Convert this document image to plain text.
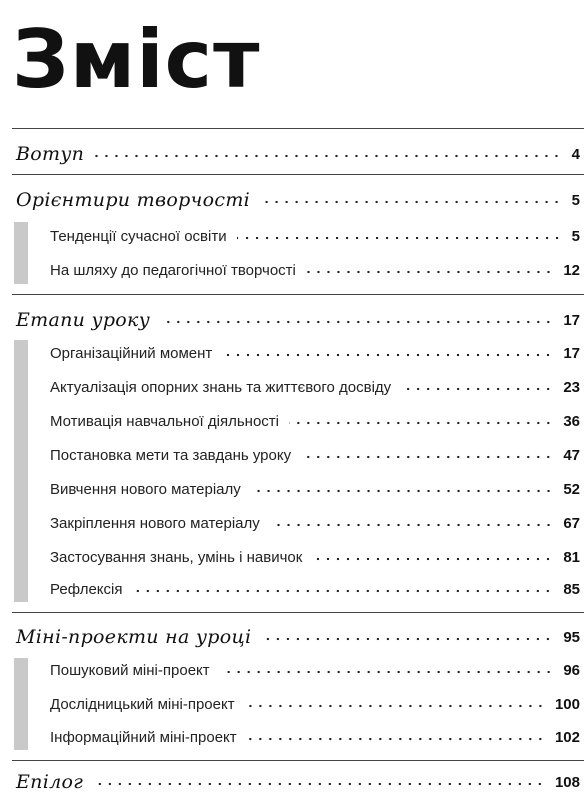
Зміст
Вотуп	4
Орієнтири творчості	5
Тенденції сучасної освіти	5
На шляху до педагогічної творчості	12
Етапи уроку	17
Організаційний момент	17
Актуалізація опорних знань та життєвого досвіду	23
Мотивація навчальної діяльності	36
Постановка мети та завдань уроку	47
Вивчення нового матеріалу	52
Закріплення нового матеріалу	67
Застосування знань, умінь і навичок	81
Рефлексія	85
Міні-проекти на уроці	95
Пошуковий міні-проект	96
Дослідницький міні-проект	100
Інформаційний міні-проект	102
Епілог	108
